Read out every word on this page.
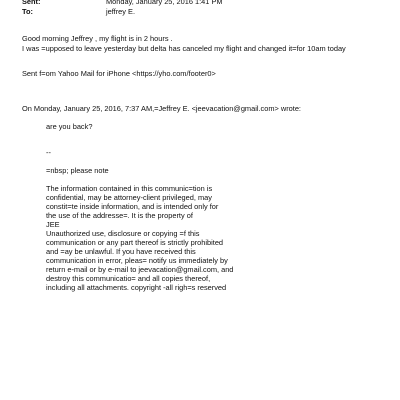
Sent:	Monday, January 25, 2016 1:41 PM
To:	jeffrey E.
Good morning Jeffrey , my flight is in 2 hours .
I was =upposed to leave yesterday but delta has canceled my flight and changed it=for 10am today
Sent f=om Yahoo Mail for iPhone <https://yho.com/footer0>
On Monday, January 25, 2016, 7:37 AM,=Jeffrey E. <jeevacation@gmail.com> wrote:
are you back?
--
=nbsp; please note
The information contained in this communic=tion is
confidential, may be attorney-client privileged, may
constit=te inside information, and is intended only for
the use of the addresse=. It is the property of
JEE
Unauthorized use, disclosure or copying =f this
communication or any part thereof is strictly prohibited
and =ay be unlawful. If you have received this
communication in error, pleas= notify us immediately by
return e-mail or by e-mail to jeevacation@gmail.com, and
destroy this communicatio= and all copies thereof,
including all attachments. copyright -all righ=s reserved
